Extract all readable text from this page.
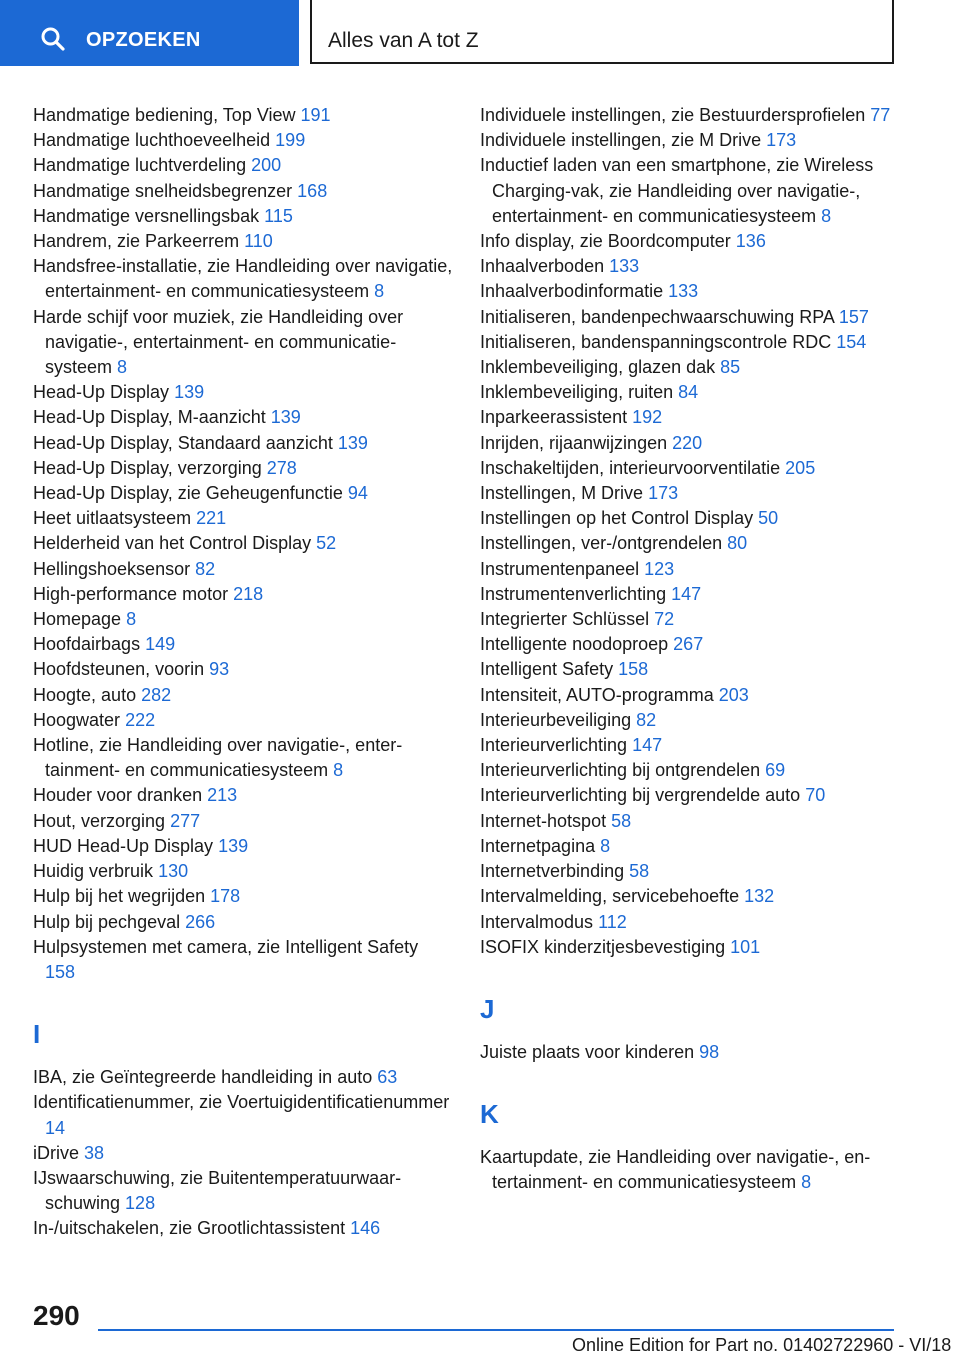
OPZOEKEN	Alles van A tot Z
Handmatige bediening, Top View 191
Handmatige luchthoeveelheid 199
Handmatige luchtverdeling 200
Handmatige snelheidsbegrenzer 168
Handmatige versnellingsbak 115
Handrem, zie Parkeerrem 110
Handsfree-installatie, zie Handleiding over navigatie, entertainment- en communicatiesysteem 8
Harde schijf voor muziek, zie Handleiding over navigatie-, entertainment- en communicatiesysteem 8
Head-Up Display 139
Head-Up Display, M-aanzicht 139
Head-Up Display, Standaard aanzicht 139
Head-Up Display, verzorging 278
Head-Up Display, zie Geheugenfunctie 94
Heet uitlaatsysteem 221
Helderheid van het Control Display 52
Hellingshoeksensor 82
High-performance motor 218
Homepage 8
Hoofdairbags 149
Hoofdsteunen, voorin 93
Hoogte, auto 282
Hoogwater 222
Hotline, zie Handleiding over navigatie-, entertainment- en communicatiesysteem 8
Houder voor dranken 213
Hout, verzorging 277
HUD Head-Up Display 139
Huidig verbruik 130
Hulp bij het wegrijden 178
Hulp bij pechgeval 266
Hulpsystemen met camera, zie Intelligent Safety 158
I
IBA, zie Geïntegreerde handleiding in auto 63
Identificatienummer, zie Voertuigidentificatienummer 14
iDrive 38
IJswaarschuwing, zie Buitentemperatuurwaarschuwing 128
In-/uitschakelen, zie Grootlichtassistent 146
Individuele instellingen, zie Bestuurdersprofielen 77
Individuele instellingen, zie M Drive 173
Inductief laden van een smartphone, zie Wireless Charging-vak, zie Handleiding over navigatie-, entertainment- en communicatiesysteem 8
Info display, zie Boordcomputer 136
Inhaalverboden 133
Inhaalverbodinformatie 133
Initialiseren, bandenpechwaarschuwing RPA 157
Initialiseren, bandenspanningscontrole RDC 154
Inklembeveiliging, glazen dak 85
Inklembeveiliging, ruiten 84
Inparkeerassistent 192
Inrijden, rijaanwijzingen 220
Inschakeltijden, interieurvoorventilatie 205
Instellingen, M Drive 173
Instellingen op het Control Display 50
Instellingen, ver-/ontgrendelen 80
Instrumentenpaneel 123
Instrumentenverlichting 147
Integrierter Schlüssel 72
Intelligente noodoproep 267
Intelligent Safety 158
Intensiteit, AUTO-programma 203
Interieurbeveiliging 82
Interieurverlichting 147
Interieurverlichting bij ontgrendelen 69
Interieurverlichting bij vergrendelde auto 70
Internet-hotspot 58
Internetpagina 8
Internetverbinding 58
Intervalmelding, servicebehoefte 132
Intervalmodus 112
ISOFIX kinderzitjesbevestiging 101
J
Juiste plaats voor kinderen 98
K
Kaartupdate, zie Handleiding over navigatie-, entertainment- en communicatiesysteem 8
290
Online Edition for Part no. 01402722960 - VI/18
